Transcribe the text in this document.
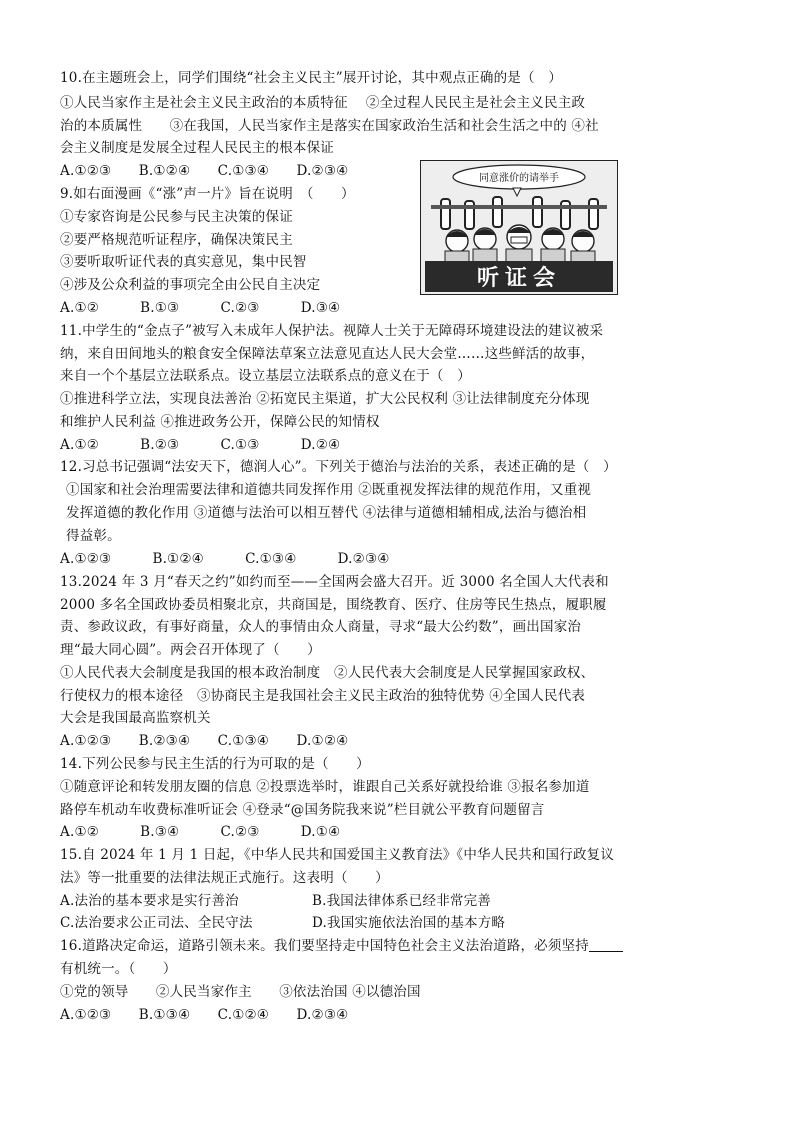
10.在主题班会上，同学们围绕“社会主义民主”展开讨论，其中观点正确的是（　）
①人民当家作主是社会主义民主政治的本质特征　 ②全过程人民民主是社会主义民主政
治的本质属性　　③在我国，人民当家作主是落实在国家政治生活和社会生活之中的 ④社
会主义制度是发展全过程人民民主的根本保证
A.①②③　　B.①②④　　C.①③④　　D.②③④
9.如右面漫画《“涨”声一片》旨在说明　（　　）
①专家咨询是公民参与民主决策的保证
②要严格规范听证程序，确保决策民主
③要听取听证代表的真实意见，集中民智
④涉及公众利益的事项完全由公民自主决定
A.①②　　　B.①③　　　C.②③　　　D.③④
同意涨价的请举手
听证会
11.中学生的“金点子”被写入未成年人保护法。视障人士关于无障碍环境建设法的建议被采
纳，来自田间地头的粮食安全保障法草案立法意见直达人民大会堂……这些鲜活的故事，
来自一个个基层立法联系点。设立基层立法联系点的意义在于（　）
①推进科学立法，实现良法善治 ②拓宽民主渠道，扩大公民权利 ③让法律制度充分体现
和维护人民利益 ④推进政务公开，保障公民的知情权
A.①②　　　B.②③　　　C.①③　　　D.②④
12.习总书记强调“法安天下，德润人心”。下列关于德治与法治的关系，表述正确的是（　）
①国家和社会治理需要法律和道德共同发挥作用 ②既重视发挥法律的规范作用，又重视
发挥道德的教化作用 ③道德与法治可以相互替代 ④法律与道德相辅相成,法治与德治相
得益彰。
A.①②③　　　B.①②④　　　C.①③④　　　D.②③④
13.2024 年 3 月“春天之约”如约而至——全国两会盛大召开。近 3000 名全国人大代表和
2000 多名全国政协委员相聚北京，共商国是，围绕教育、医疗、住房等民生热点，履职履
责、参政议政，有事好商量，众人的事情由众人商量，寻求“最大公约数”，画出国家治
理“最大同心圆”。两会召开体现了（　　）
①人民代表大会制度是我国的根本政治制度　②人民代表大会制度是人民掌握国家政权、
行使权力的根本途径　③协商民主是我国社会主义民主政治的独特优势 ④全国人民代表
大会是我国最高监察机关
A.①②③　　B.②③④　　C.①③④　　D.①②④
14.下列公民参与民主生活的行为可取的是（　　）
①随意评论和转发朋友圈的信息 ②投票选举时，谁跟自己关系好就投给谁 ③报名参加道
路停车机动车收费标准听证会 ④登录“@国务院我来说”栏目就公平教育问题留言
A.①②　　　B.③④　　　C.②③　　　D.①④
15.自 2024 年 1 月 1 日起，《中华人民共和国爱国主义教育法》《中华人民共和国行政复议
法》等一批重要的法律法规正式施行。这表明（　　）
A.法治的基本要求是实行善治	B.我国法律体系已经非常完善
C.法治要求公正司法、全民守法	D.我国实施依法治国的基本方略
16.道路决定命运，道路引领未来。我们要坚持走中国特色社会主义法治道路，必须坚持
有机统一。（　　）
①党的领导　　②人民当家作主　　③依法治国 ④以德治国
A.①②③　　B.①③④　　C.①②④　　D.②③④
